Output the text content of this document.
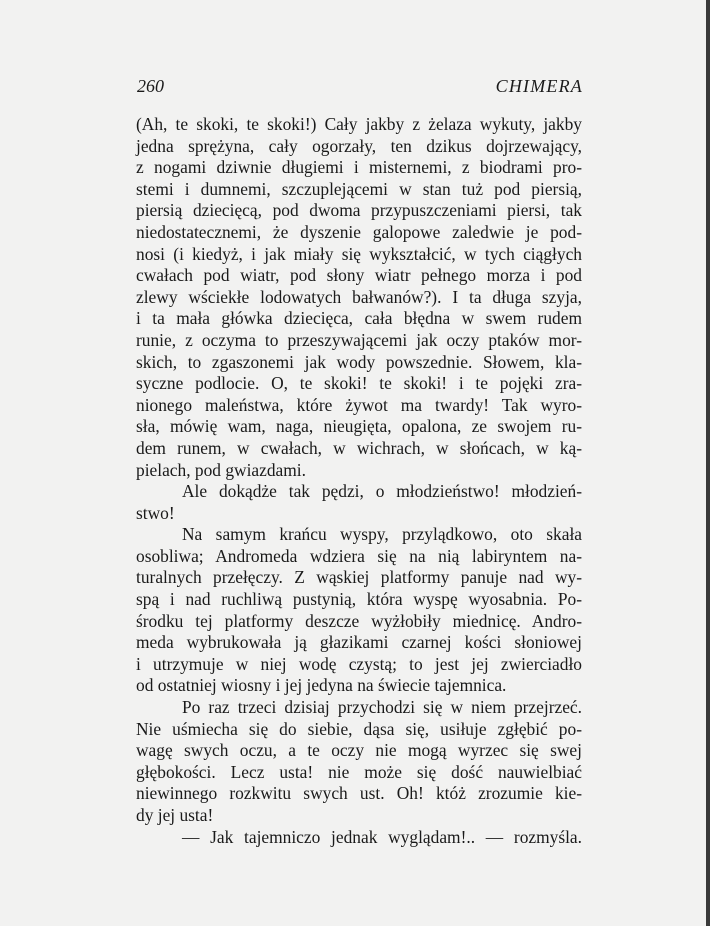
260	CHIMERA
(Ah, te skoki, te skoki!) Cały jakby z żelaza wykuty, jakby
jedna sprężyna, cały ogorzały, ten dzikus dojrzewający,
z nogami dziwnie długiemi i misternemi, z biodrami pro-
stemi i dumnemi, szczuplejącemi w stan tuż pod piersią,
piersią dziecięcą, pod dwoma przypuszczeniami piersi, tak
niedostatecznemi, że dyszenie galopowe zaledwie je pod-
nosi (i kiedyż, i jak miały się wykształcić, w tych ciągłych
cwałach pod wiatr, pod słony wiatr pełnego morza i pod
zlewy wściekłe lodowatych bałwanów?). I ta długa szyja,
i ta mała główka dziecięca, cała błędna w swem rudem
runie, z oczyma to przeszywającemi jak oczy ptaków mor-
skich, to zgaszonemi jak wody powszednie. Słowem, kla-
syczne podlocie. O, te skoki! te skoki! i te pojęki zra-
nionego maleństwa, które żywot ma twardy! Tak wyro-
sła, mówię wam, naga, nieugięta, opalona, ze swojem ru-
dem runem, w cwałach, w wichrach, w słońcach, w ką-
pielach, pod gwiazdami.
Ale dokądże tak pędzi, o młodzieństwo! młodzień-
stwo!
Na samym krańcu wyspy, przylądkowo, oto skała
osobliwa; Andromeda wdziera się na nią labiryntem na-
turalnych przełęczy. Z wąskiej platformy panuje nad wy-
spą i nad ruchliwą pustynią, która wyspę wyosabnia. Po-
środku tej platformy deszcze wyżłobiły miednicę. Andro-
meda wybrukowała ją głazikami czarnej kości słoniowej
i utrzymuje w niej wodę czystą; to jest jej zwierciadło
od ostatniej wiosny i jej jedyna na świecie tajemnica.
Po raz trzeci dzisiaj przychodzi się w niem przejrzeć.
Nie uśmiecha się do siebie, dąsa się, usiłuje zgłębić po-
wagę swych oczu, a te oczy nie mogą wyrzec się swej
głębokości. Lecz usta! nie może się dość nauwielbiać
niewinnego rozkwitu swych ust. Oh! któż zrozumie kie-
dy jej usta!
— Jak tajemniczo jednak wyglądam!.. — rozmyśla.
